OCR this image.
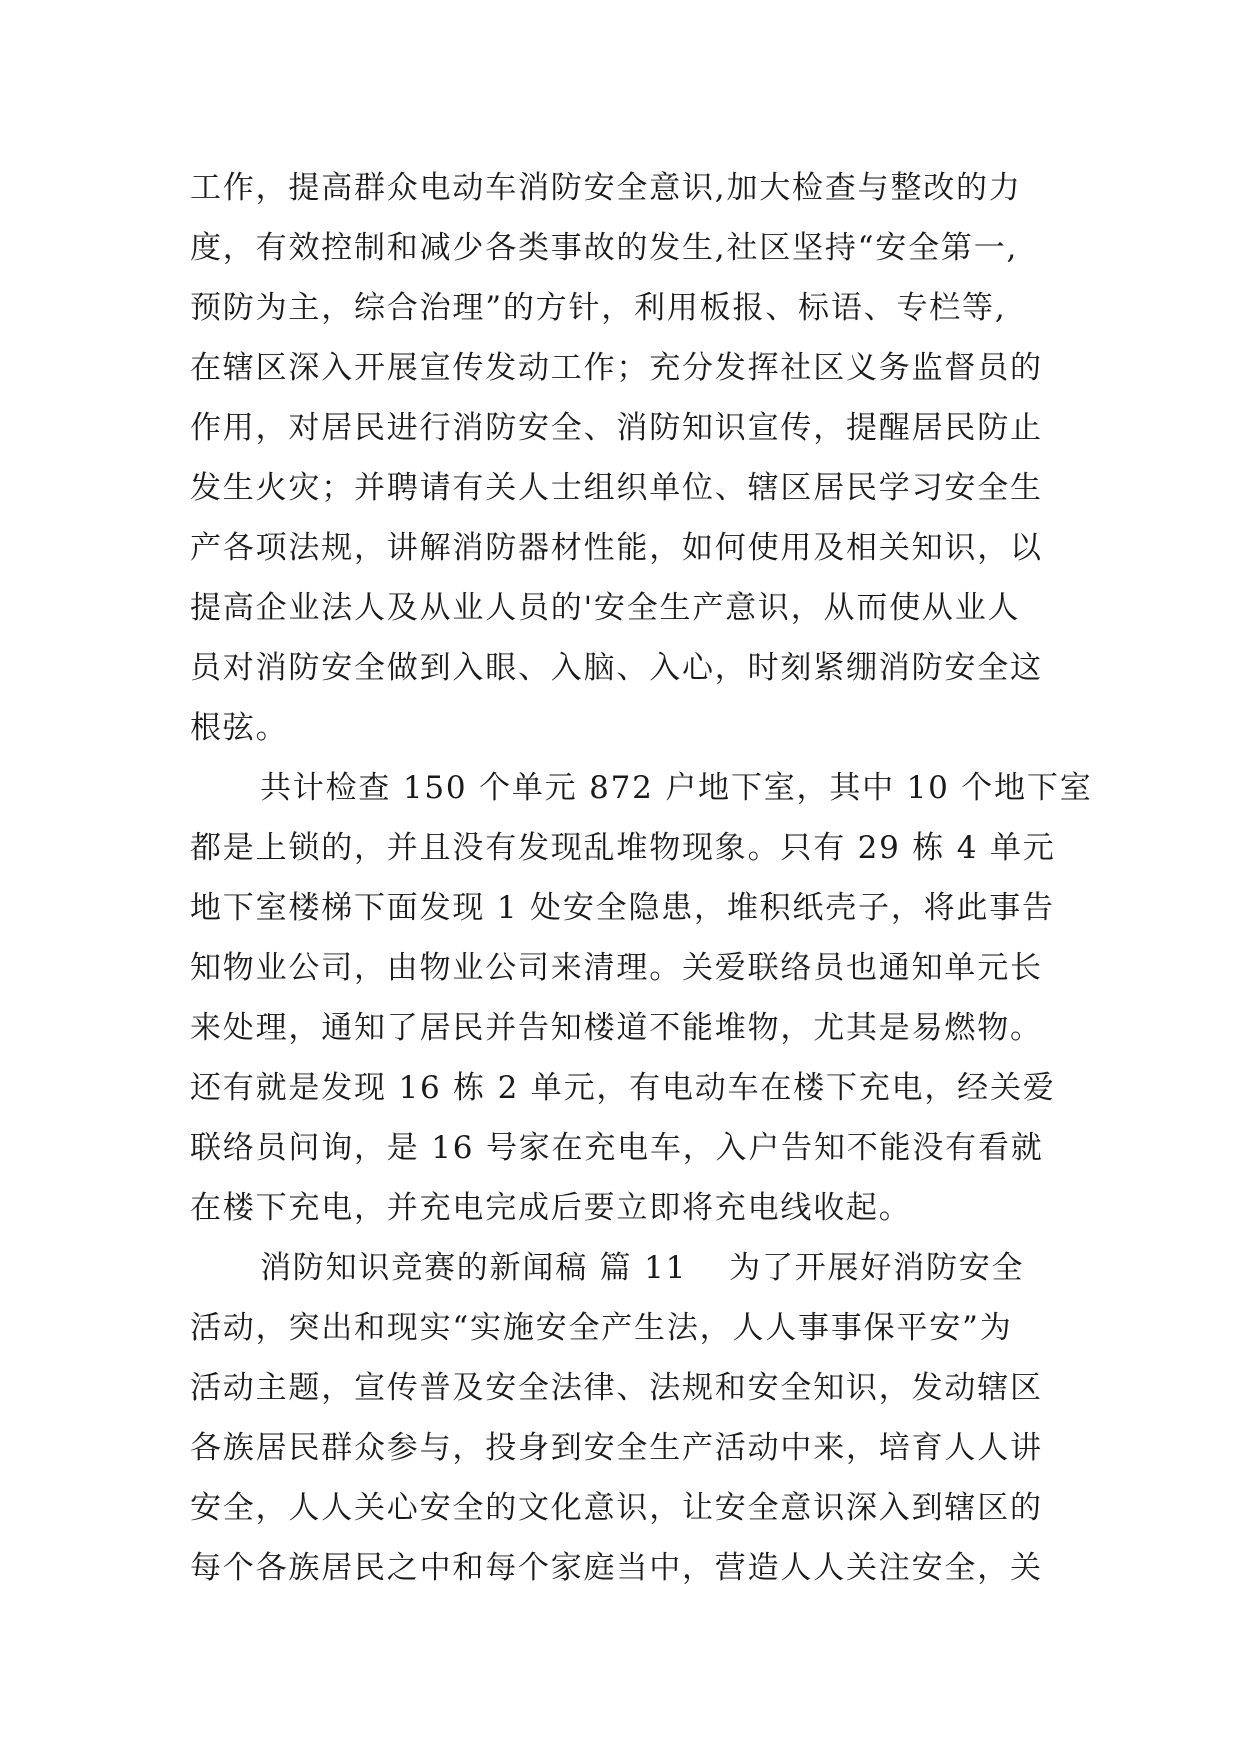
工作，提高群众电动车消防安全意识,加大检查与整改的力
度，有效控制和减少各类事故的发生,社区坚持“安全第一,
预防为主，综合治理”的方针，利用板报、标语、专栏等,
在辖区深入开展宣传发动工作；充分发挥社区义务监督员的
作用，对居民进行消防安全、消防知识宣传，提醒居民防止
发生火灾；并聘请有关人士组织单位、辖区居民学习安全生
产各项法规，讲解消防器材性能，如何使用及相关知识，以
提高企业法人及从业人员的'安全生产意识，从而使从业人
员对消防安全做到入眼、入脑、入心，时刻紧绷消防安全这
根弦。
共计检查 150 个单元 872 户地下室，其中 10 个地下室
都是上锁的，并且没有发现乱堆物现象。只有 29 栋 4 单元
地下室楼梯下面发现 1 处安全隐患，堆积纸壳子，将此事告
知物业公司，由物业公司来清理。关爱联络员也通知单元长
来处理，通知了居民并告知楼道不能堆物，尤其是易燃物。
还有就是发现 16 栋 2 单元，有电动车在楼下充电，经关爱
联络员问询，是 16 号家在充电车，入户告知不能没有看就
在楼下充电，并充电完成后要立即将充电线收起。
消防知识竞赛的新闻稿 篇 11 为了开展好消防安全
活动，突出和现实“实施安全产生法，人人事事保平安”为
活动主题，宣传普及安全法律、法规和安全知识，发动辖区
各族居民群众参与，投身到安全生产活动中来，培育人人讲
安全，人人关心安全的文化意识，让安全意识深入到辖区的
每个各族居民之中和每个家庭当中，营造人人关注安全，关
